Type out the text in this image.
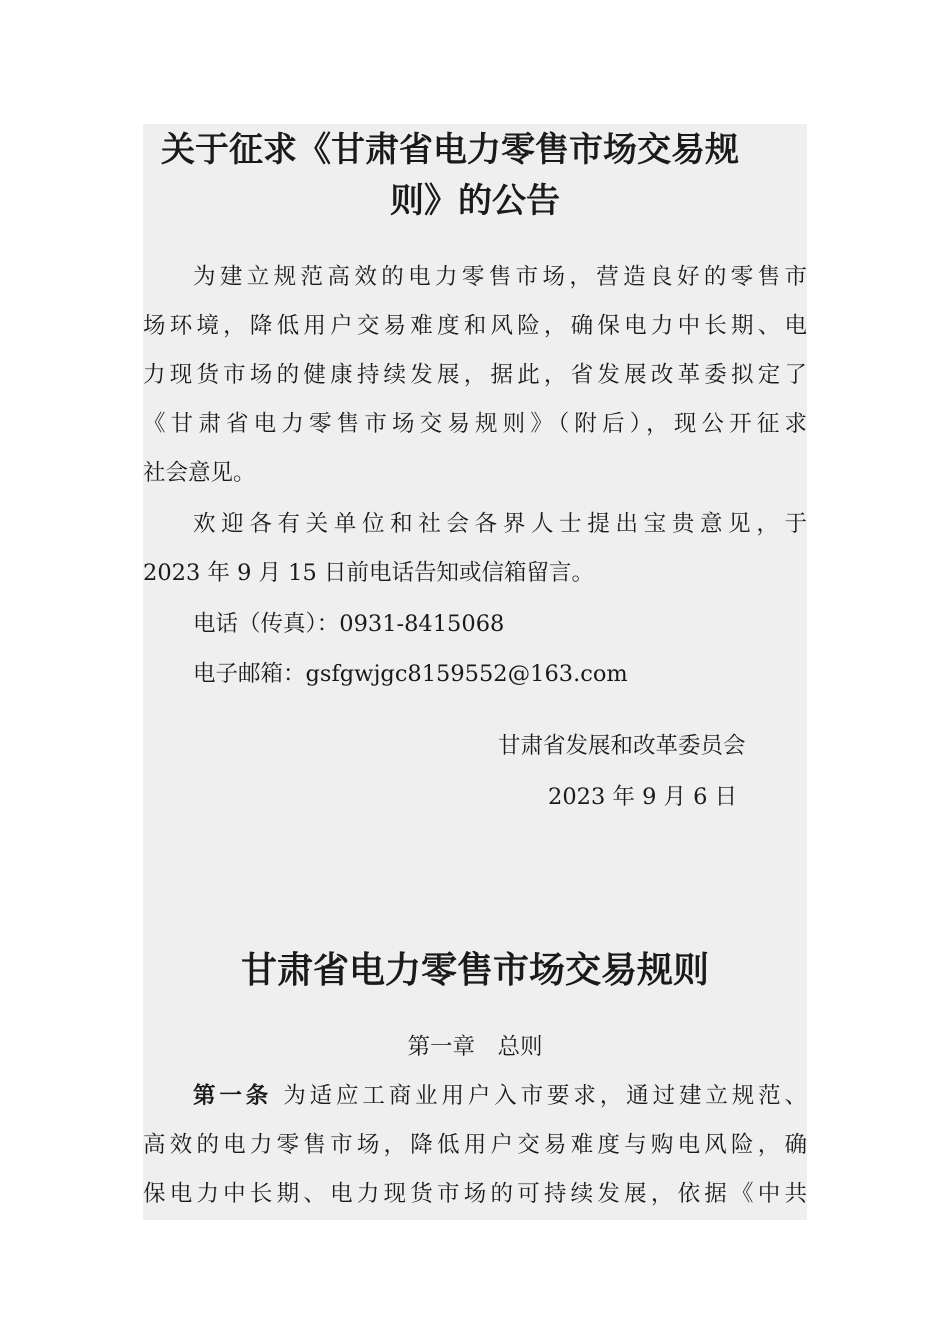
关于征求《甘肃省电力零售市场交易规
则》的公告
为建立规范高效的电力零售市场，营造良好的零售市
场环境，降低用户交易难度和风险，确保电力中长期、电
力现货市场的健康持续发展，据此，省发展改革委拟定了
《甘肃省电力零售市场交易规则》（附后），现公开征求
社会意见。
欢迎各有关单位和社会各界人士提出宝贵意见，于
2023 年 9 月 15 日前电话告知或信箱留言。
电话（传真）：0931-8415068
电子邮箱：gsfgwjgc8159552@163.com
甘肃省发展和改革委员会
2023 年 9 月 6 日
甘肃省电力零售市场交易规则
第一章　总则
第一条 为适应工商业用户入市要求，通过建立规范、
高效的电力零售市场，降低用户交易难度与购电风险，确
保电力中长期、电力现货市场的可持续发展，依据《中共
